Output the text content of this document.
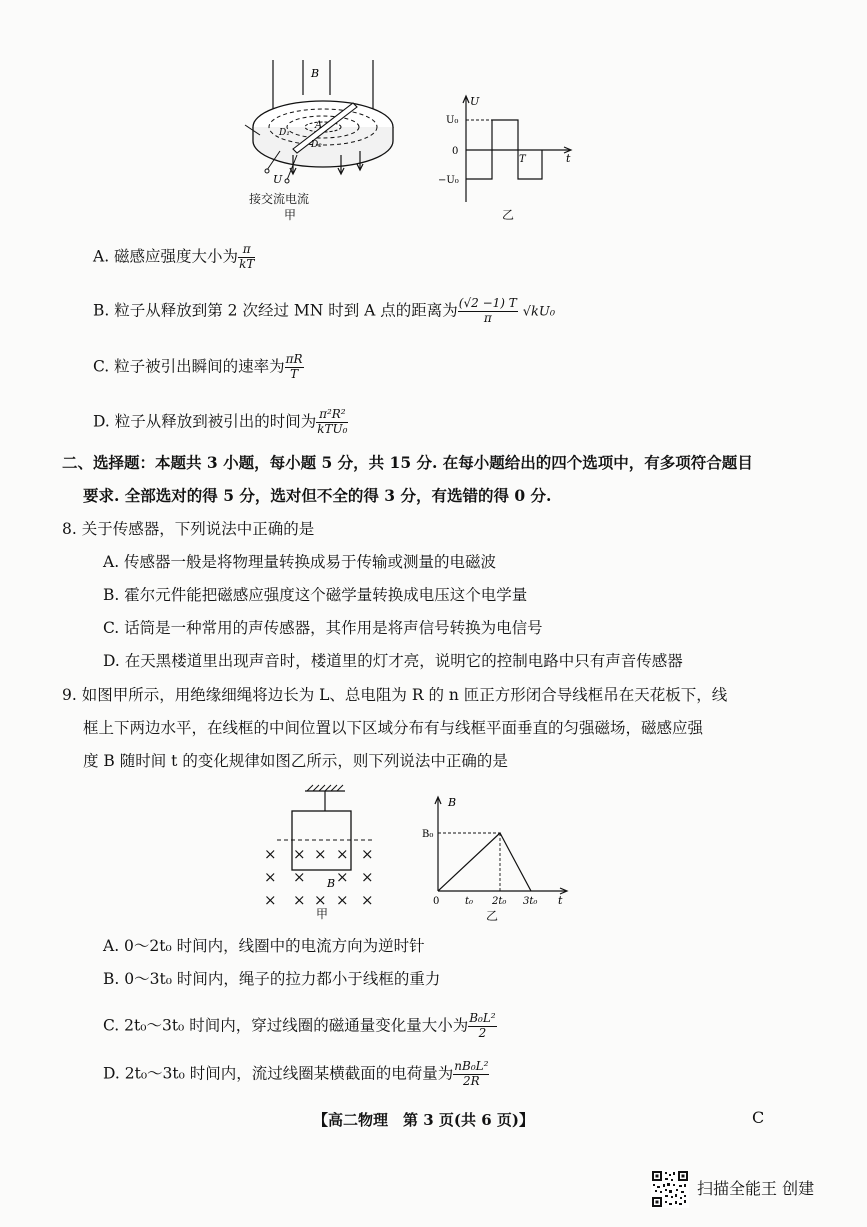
B
A
D₁
D₂
U
接交流电流
甲
U
t
U₀
0
−U₀
T
乙
A. 磁感应强度大小为 $\frac{\pi}{kT}$
B. 粒子从释放到第 2 次经过 MN 时到 A 点的距离为 $\frac{(√2 -1) T}{\pi} √kU_0$
C. 粒子被引出瞬间的速率为 $\frac{\pi R}{T}$
D. 粒子从释放到被引出的时间为 $\frac{\text{π²R²}}{\text{kTU₀}}$
二、选择题：本题共 3 小题，每小题 5 分，共 15 分. 在每小题给出的四个选项中，有多项符合题目
要求. 全部选对的得 5 分，选对但不全的得 3 分，有选错的得 0 分.
8. 关于传感器，下列说法中正确的是
A. 传感器一般是将物理量转换成易于传输或测量的电磁波
B. 霍尔元件能把磁感应强度这个磁学量转换成电压这个电学量
C. 话筒是一种常用的声传感器，其作用是将声信号转换为电信号
D. 在天黑楼道里出现声音时，楼道里的灯才亮，说明它的控制电路中只有声音传感器
9. 如图甲所示，用绝缘细绳将边长为 L、总电阻为 R 的 n 匝正方形闭合导线框吊在天花板下，线
框上下两边水平，在线框的中间位置以下区域分布有与线框平面垂直的匀强磁场，磁感应强
度 B 随时间 t 的变化规律如图乙所示，则下列说法中正确的是
× × × × ×
× × × ×
× × × × ×
B
甲
B
t
B₀
0	t₀ 2t₀ 3t₀
乙
A. 0～2t₀ 时间内，线圈中的电流方向为逆时针
B. 0～3t₀ 时间内，绳子的拉力都小于线框的重力
C. 2t₀～3t₀ 时间内，穿过线圈的磁通量变化量大小为 $\frac{\text{B₀L²}}{2}$
D. 2t₀～3t₀ 时间内，流过线圈某横截面的电荷量为 $\frac{\text{nB₀L²}}{2R}$
【高二物理　第 3 页(共 6 页)】	C
扫描全能王 创建
